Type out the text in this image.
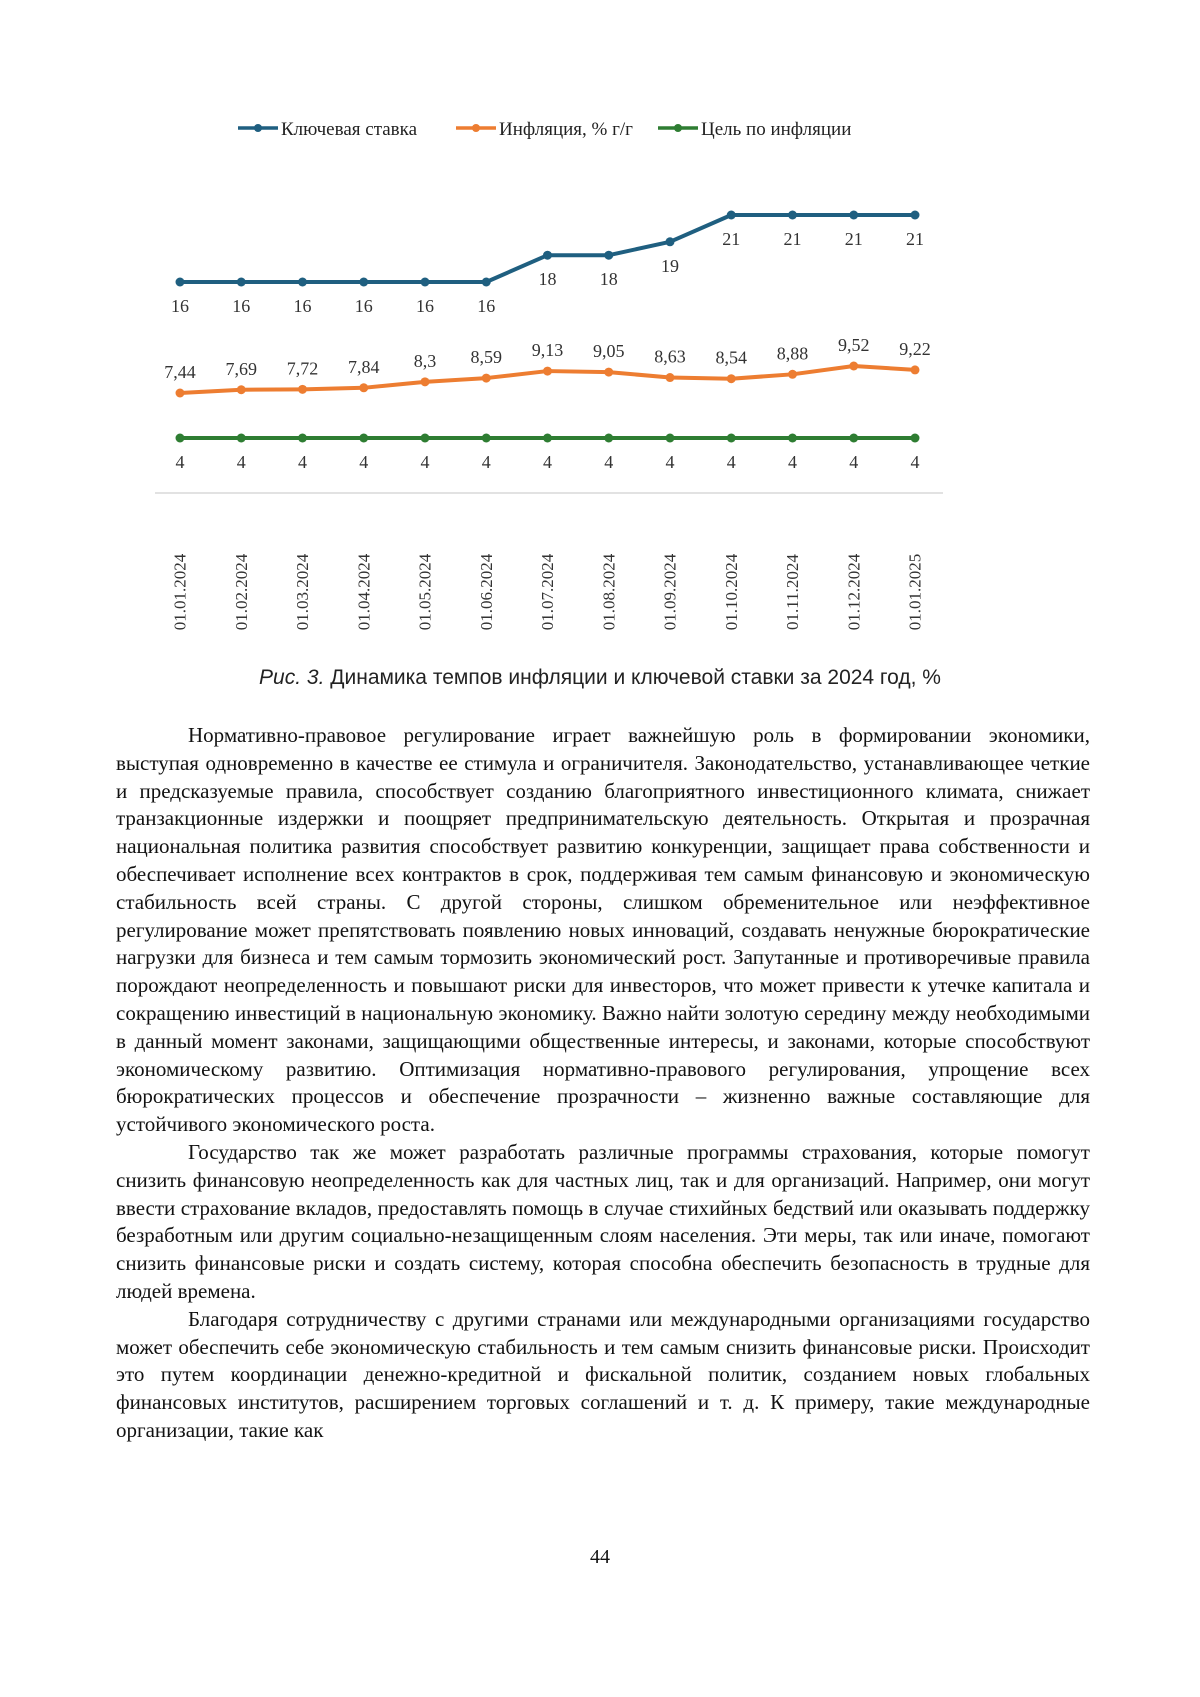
Ключевая ставка	Инфляция, % г/г	Цель по инфляции
16 16 16 16 16 16
18 18
19
21 21 21 21
7,44 7,69 7,72 7,84 8,3 8,59 9,13 9,05 8,63 8,54 8,88 9,52 9,22
4	4	4	4	4	4	4	4	4	4	4	4	4
01.01.2024 01.02.2024 01.03.2024 01.04.2024 01.05.2024 01.06.2024 01.07.2024 01.08.2024 01.09.2024 01.10.2024 01.11.2024 01.12.2024 01.01.2025
Рис. 3. Динамика темпов инфляции и ключевой ставки за 2024 год, %

Нормативно-правовое регулирование играет важнейшую роль в формировании экономики, выступая одновременно в качестве ее стимула и ограничителя. Законодательство, устанавливающее четкие и предсказуемые правила, способствует созданию благоприятного инвестиционного климата, снижает транзакционные издержки и поощряет предпринимательскую деятельность. Открытая и прозрачная национальная политика развития способствует развитию конкуренции, защищает права собственности и обеспечивает исполнение всех контрактов в срок, поддерживая тем самым финансовую и экономическую стабильность всей страны. С другой стороны, слишком обременительное или неэффективное регулирование может препятствовать появлению новых инноваций, создавать ненужные бюрократические нагрузки для бизнеса и тем самым тормозить экономический рост. Запутанные и противоречивые правила порождают неопределенность и повышают риски для инвесторов, что может привести к утечке капитала и сокращению инвестиций в национальную экономику. Важно найти золотую середину между необходимыми в данный момент законами, защищающими общественные интересы, и законами, которые способствуют экономическому развитию. Оптимизация нормативно-правового регулирования, упрощение всех бюрократических процессов и обеспечение прозрачности – жизненно важные составляющие для устойчивого экономического роста.

Государство так же может разработать различные программы страхования, которые помогут снизить финансовую неопределенность как для частных лиц, так и для организаций. Например, они могут ввести страхование вкладов, предоставлять помощь в случае стихийных бедствий или оказывать поддержку безработным или другим социально-незащищенным слоям населения. Эти меры, так или иначе, помогают снизить финансовые риски и создать систему, которая способна обеспечить безопасность в трудные для людей времена.

Благодаря сотрудничеству с другими странами или международными организациями государство может обеспечить себе экономическую стабильность и тем самым снизить финансовые риски. Происходит это путем координации денежно-кредитной и фискальной политик, созданием новых глобальных финансовых институтов, расширением торговых соглашений и т. д. К примеру, такие международные организации, такие как

44
